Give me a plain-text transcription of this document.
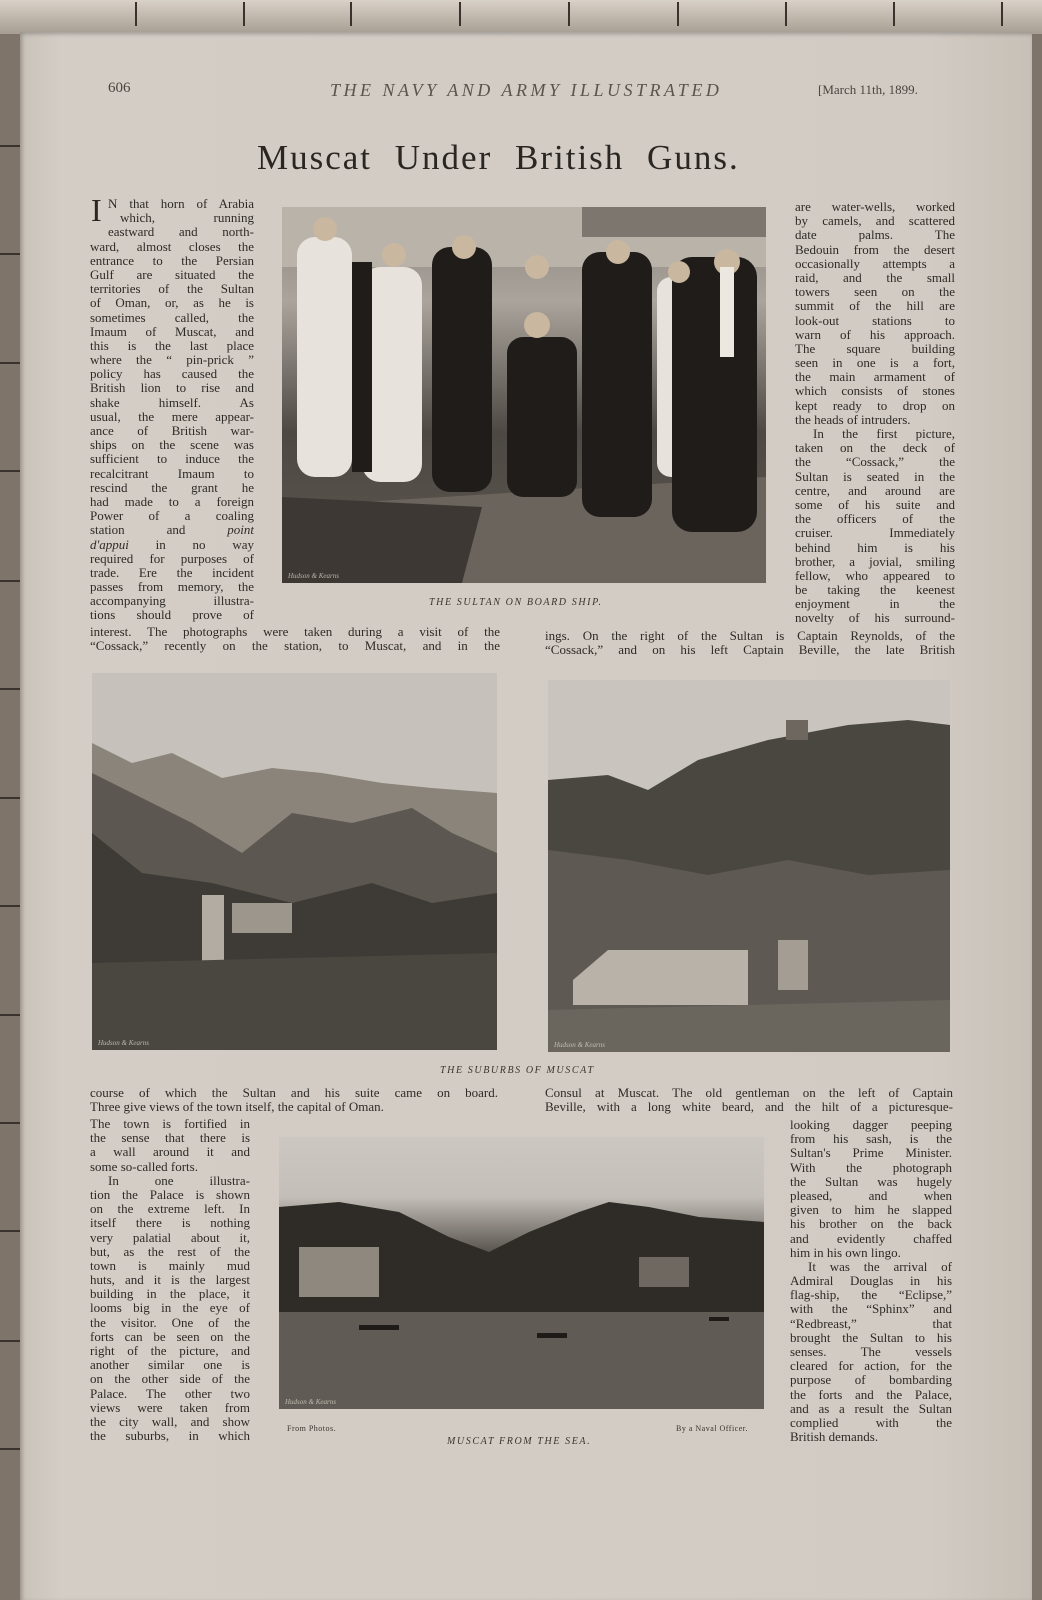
606	THE NAVY AND ARMY ILLUSTRATED	[March 11th, 1899.
Muscat Under British Guns.
I N that horn of Arabia
which, running
eastward and north-
ward, almost closes the
entrance to the Persian
Gulf are situated the
territories of the Sultan
of Oman, or, as he is
sometimes called, the
Imaum of Muscat, and
this is the last place
where the “ pin-prick ”
policy has caused the
British lion to rise and
shake himself. As
usual, the mere appear-
ance of British war-
ships on the scene was
sufficient to induce the
recalcitrant Imaum to
rescind the grant he
had made to a foreign
Power of a coaling
station and point
d'appui in no way
required for purposes of
trade. Ere the incident
passes from memory, the
accompanying illustra-
tions should prove of
interest. The photographs were taken during a visit of the
“Cossack,” recently on the station, to Muscat, and in the
are water-wells, worked
by camels, and scattered
date palms. The
Bedouin from the desert
occasionally attempts a
raid, and the small
towers seen on the
summit of the hill are
look-out stations to
warn of his approach.
The square building
seen in one is a fort,
the main armament of
which consists of stones
kept ready to drop on
the heads of intruders.
In the first picture,
taken on the deck of
the “Cossack,” the
Sultan is seated in the
centre, and around are
some of his suite and
the officers of the
cruiser. Immediately
behind him is his
brother, a jovial, smiling
fellow, who appeared to
be taking the keenest
enjoyment in the
novelty of his surround-
ings. On the right of the Sultan is Captain Reynolds, of the
“Cossack,” and on his left Captain Beville, the late British
course of which the Sultan and his suite came on board.
Three give views of the town itself, the capital of Oman.
The town is fortified in
the sense that there is
a wall around it and
some so-called forts.
In one illustra-
tion the Palace is shown
on the extreme left. In
itself there is nothing
very palatial about it,
but, as the rest of the
town is mainly mud
huts, and it is the largest
building in the place, it
looms big in the eye of
the visitor. One of the
forts can be seen on the
right of the picture, and
another similar one is
on the other side of the
Palace. The other two
views were taken from
the city wall, and show
the suburbs, in which
Consul at Muscat. The old gentleman on the left of Captain
Beville, with a long white beard, and the hilt of a picturesque-
looking dagger peeping
from his sash, is the
Sultan's Prime Minister.
With the photograph
the Sultan was hugely
pleased, and when
given to him he slapped
his brother on the back
and evidently chaffed
him in his own lingo.
It was the arrival of
Admiral Douglas in his
flag-ship, the “Eclipse,”
with the “Sphinx” and
“Redbreast,” that
brought the Sultan to his
senses. The vessels
cleared for action, for the
purpose of bombarding
the forts and the Palace,
and as a result the Sultan
complied with the
British demands.
Hudson & Kearns
THE SULTAN ON BOARD SHIP.
Hudson & Kearns	Hudson & Kearns
THE SUBURBS OF MUSCAT
Hudson & Kearns
From Photos.	By a Naval Officer.
MUSCAT FROM THE SEA.
